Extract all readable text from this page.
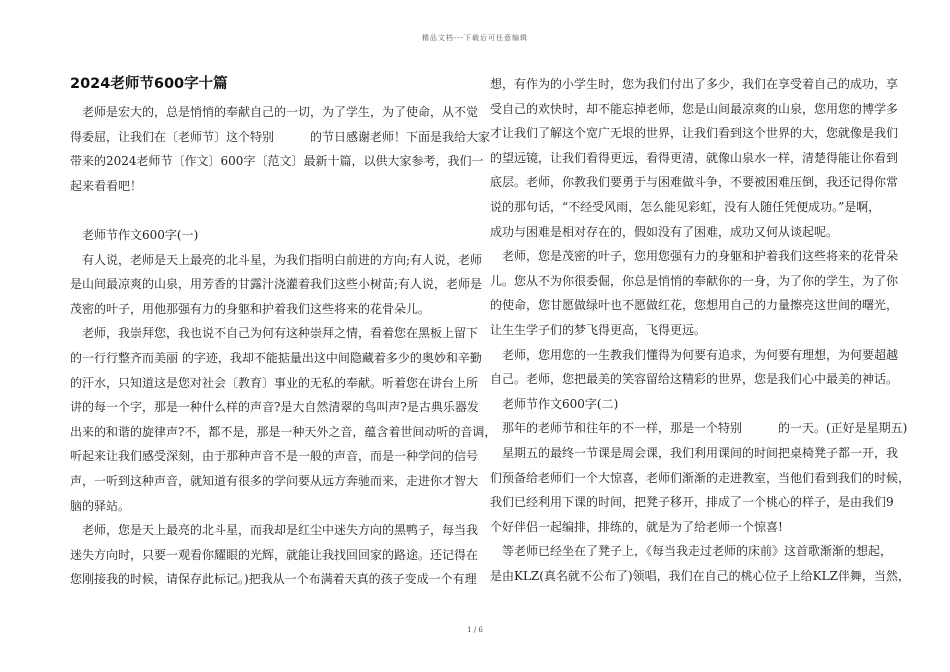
精品文档---下载后可任意编辑
2024老师节600字十篇

　老师是宏大的，总是悄悄的奉献自己的一切，为了学生，为了使命，从不觉

得委屈，让我们在〔老师节〕这个特别　　　的节日感谢老师！下面是我给大家

带来的2024老师节〔作文〕600字〔范文〕最新十篇，以供大家参考，我们一

起来看看吧！

　老师节作文600字(一)

　有人说，老师是天上最亮的北斗星，为我们指明白前进的方向;有人说，老师

是山间最凉爽的山泉，用芳香的甘露汁浇灌着我们这些小树苗;有人说，老师是

茂密的叶子，用他那强有力的身躯和护着我们这些将来的花骨朵儿。

　老师，我崇拜您，我也说不自己为何有这种崇拜之情，看着您在黑板上留下

的一行行整齐而美丽 的字迹，我却不能掂量出这中间隐藏着多少的奥妙和辛勤

的汗水，只知道这是您对社会〔教育〕事业的无私的奉献。听着您在讲台上所

讲的每一个字，那是一种什么样的声音?是大自然清翠的鸟叫声?是古典乐器发

出来的和谐的旋律声?不，都不是，那是一种天外之音，蕴含着世间动听的音调，

听起来让我们感受深刻，由于那种声音不是一般的声音，而是一种学问的信号

声，一听到这种声音，就知道有很多的学问要从远方奔驰而来，走进你才智大

脑的驿站。

　老师，您是天上最亮的北斗星，而我却是红尘中迷失方向的黑鸭子，每当我

迷失方向时，只要一观看你耀眼的光辉，就能让我找回回家的路途。还记得在

您刚接我的时候，请保存此标记。)把我从一个布满着天真的孩子变成一个有理

想，有作为的小学生时，您为我们付出了多少，我们在享受着自己的成功，享

受自己的欢快时，却不能忘掉老师，您是山间最凉爽的山泉，您用您的博学多

才让我们了解这个宽广无垠的世界，让我们看到这个世界的大，您就像是我们

的望远镜，让我们看得更远，看得更清，就像山泉水一样，清楚得能让你看到

底层。老师，你教我们要勇于与困难做斗争，不要被困难压倒，我还记得你常

说的那句话，“不经受风雨，怎么能见彩虹，没有人随任凭便成功。”是啊，

成功与困难是相对存在的，假如没有了困难，成功又何从谈起呢。

　老师，您是茂密的叶子，您用您强有力的身躯和护着我们这些将来的花骨朵

儿。您从不为你很委倔，你总是悄悄的奉献你的一身，为了你的学生，为了你

的使命，您甘愿做绿叶也不愿做红花，您想用自己的力量擦亮这世间的曙光，

让生生学子们的梦飞得更高，飞得更远。

　老师，您用您的一生教我们懂得为何要有追求，为何要有理想，为何要超越

自己。老师，您把最美的笑容留给这精彩的世界，您是我们心中最美的神话。

　老师节作文600字(二)

　那年的老师节和往年的不一样，那是一个特别　　　的一天。(正好是星期五)

　星期五的最终一节课是周会课，我们利用课间的时间把桌椅凳子都一开，我

们预备给老师们一个大惊喜，老师们渐渐的走进教室，当他们看到我们的时候，

我们已经利用下课的时间，把凳子移开，排成了一个桃心的样子，是由我们9

个好伴侣一起编排，排练的，就是为了给老师一个惊喜!

　等老师已经坐在了凳子上，《每当我走过老师的床前》这首歌渐渐的想起，

是由KLZ(真名就不公布了)领唱，我们在自己的桃心位子上给KLZ伴舞，当然，

1 / 6
